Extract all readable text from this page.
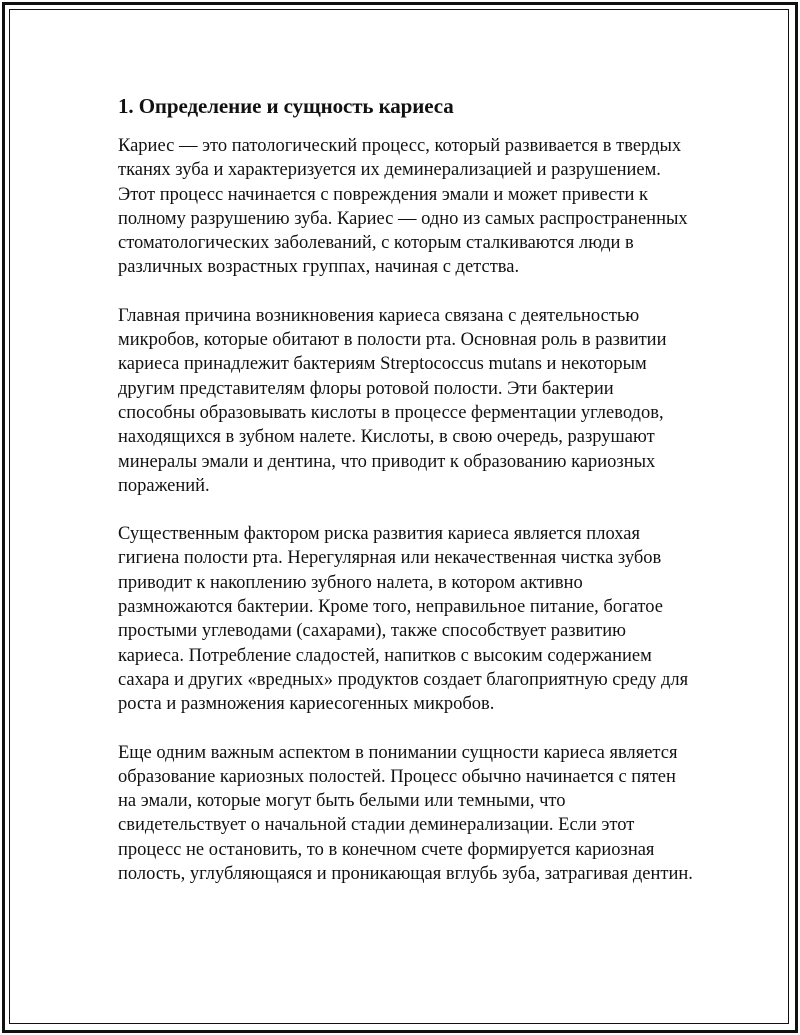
1. Определение и сущность кариеса

Кариес — это патологический процесс, который развивается в твердых тканях зуба и характеризуется их деминерализацией и разрушением. Этот процесс начинается с повреждения эмали и может привести к полному разрушению зуба. Кариес — одно из самых распространенных стоматологических заболеваний, с которым сталкиваются люди в различных возрастных группах, начиная с детства.

Главная причина возникновения кариеса связана с деятельностью микробов, которые обитают в полости рта. Основная роль в развитии кариеса принадлежит бактериям Streptococcus mutans и некоторым другим представителям флоры ротовой полости. Эти бактерии способны образовывать кислоты в процессе ферментации углеводов, находящихся в зубном налете. Кислоты, в свою очередь, разрушают минералы эмали и дентина, что приводит к образованию кариозных поражений.

Существенным фактором риска развития кариеса является плохая гигиена полости рта. Нерегулярная или некачественная чистка зубов приводит к накоплению зубного налета, в котором активно размножаются бактерии. Кроме того, неправильное питание, богатое простыми углеводами (сахарами), также способствует развитию кариеса. Потребление сладостей, напитков с высоким содержанием сахара и других «вредных» продуктов создает благоприятную среду для роста и размножения кариесогенных микробов.

Еще одним важным аспектом в понимании сущности кариеса является образование кариозных полостей. Процесс обычно начинается с пятен на эмали, которые могут быть белыми или темными, что свидетельствует о начальной стадии деминерализации. Если этот процесс не остановить, то в конечном счете формируется кариозная полость, углубляющаяся и проникающая вглубь зуба, затрагивая дентин.
